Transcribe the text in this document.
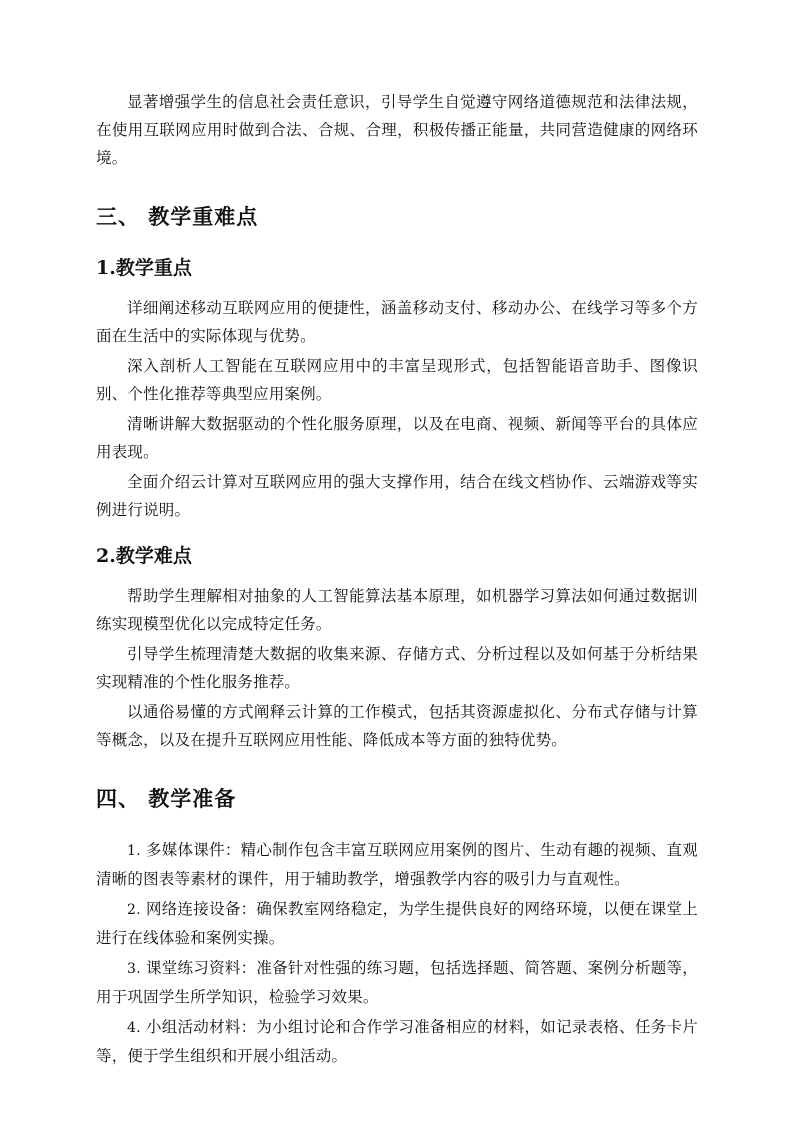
显著增强学生的信息社会责任意识，引导学生自觉遵守网络道德规范和法律法规，在使用互联网应用时做到合法、合规、合理，积极传播正能量，共同营造健康的网络环境。

三、 教学重难点
1.教学重点

详细阐述移动互联网应用的便捷性，涵盖移动支付、移动办公、在线学习等多个方面在生活中的实际体现与优势。

深入剖析人工智能在互联网应用中的丰富呈现形式，包括智能语音助手、图像识别、个性化推荐等典型应用案例。

清晰讲解大数据驱动的个性化服务原理，以及在电商、视频、新闻等平台的具体应用表现。

全面介绍云计算对互联网应用的强大支撑作用，结合在线文档协作、云端游戏等实例进行说明。

2.教学难点

帮助学生理解相对抽象的人工智能算法基本原理，如机器学习算法如何通过数据训练实现模型优化以完成特定任务。

引导学生梳理清楚大数据的收集来源、存储方式、分析过程以及如何基于分析结果实现精准的个性化服务推荐。

以通俗易懂的方式阐释云计算的工作模式，包括其资源虚拟化、分布式存储与计算等概念，以及在提升互联网应用性能、降低成本等方面的独特优势。

四、 教学准备

1. 多媒体课件：精心制作包含丰富互联网应用案例的图片、生动有趣的视频、直观清晰的图表等素材的课件，用于辅助教学，增强教学内容的吸引力与直观性。

2. 网络连接设备：确保教室网络稳定，为学生提供良好的网络环境，以便在课堂上进行在线体验和案例实操。

3. 课堂练习资料：准备针对性强的练习题，包括选择题、简答题、案例分析题等，用于巩固学生所学知识，检验学习效果。

4. 小组活动材料：为小组讨论和合作学习准备相应的材料，如记录表格、任务卡片等，便于学生组织和开展小组活动。
